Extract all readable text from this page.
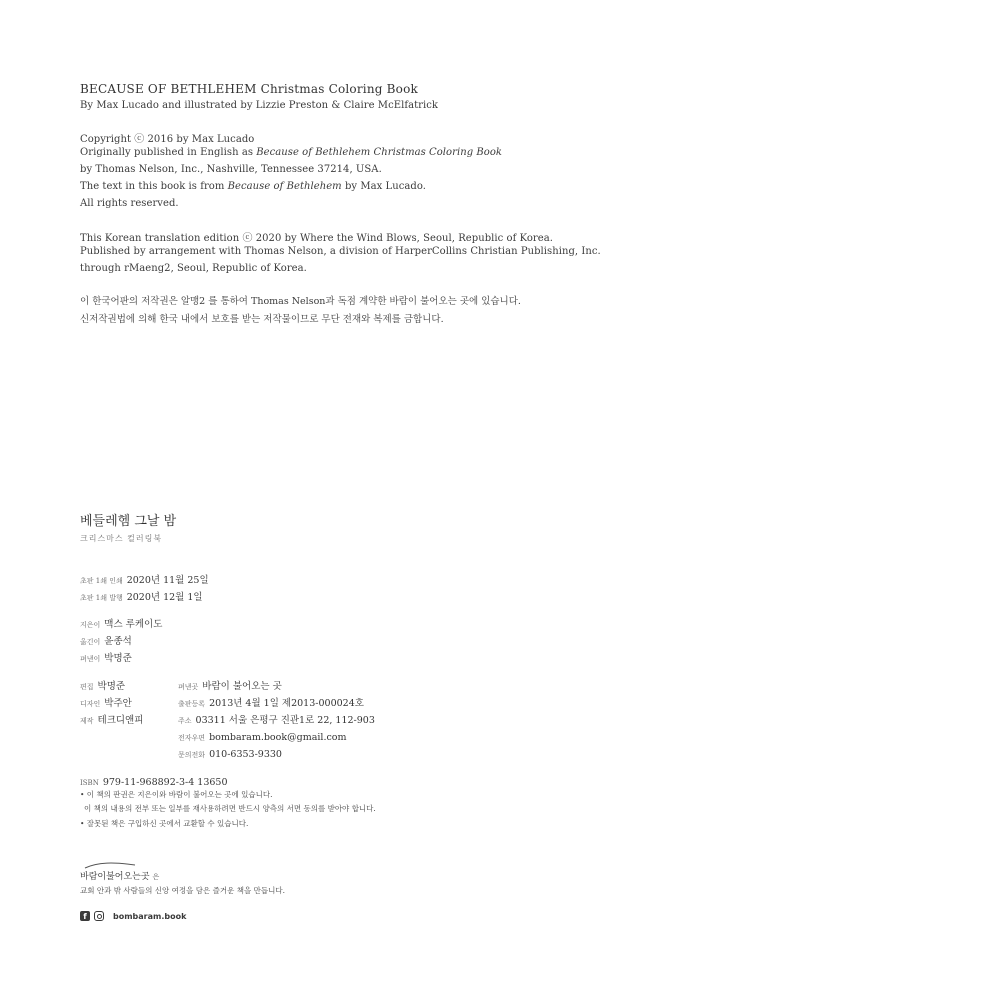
BECAUSE OF BETHLEHEM Christmas Coloring Book
By Max Lucado and illustrated by Lizzie Preston & Claire McElfatrick
Copyright ⓒ 2016 by Max Lucado
Originally published in English as Because of Bethlehem Christmas Coloring Book
by Thomas Nelson, Inc., Nashville, Tennessee 37214, USA.
The text in this book is from Because of Bethlehem by Max Lucado.
All rights reserved.
This Korean translation edition ⓒ 2020 by Where the Wind Blows, Seoul, Republic of Korea.
Published by arrangement with Thomas Nelson, a division of HarperCollins Christian Publishing, Inc.
through rMaeng2, Seoul, Republic of Korea.
이 한국어판의 저작권은 알맹2 를 통하여 Thomas Nelson과 독점 계약한 바람이 불어오는 곳에 있습니다.
신저작권법에 의해 한국 내에서 보호를 받는 저작물이므로 무단 전재와 복제를 금합니다.
베들레헴 그날 밤
크리스마스 컬러링북
초판 1쇄 인쇄 2020년 11월 25일
초판 1쇄 발행 2020년 12월 1일
지은이 맥스 루케이도
옮긴이 윤종석
펴낸이 박명준
편집 박명준
디자인 박주안
제작 테크디앤피
펴낸곳 바람이 불어오는 곳
출판등록 2013년 4월 1일 제2013-000024호
주소 03311 서울 은평구 진관1로 22, 112-903
전자우편 bombaram.book@gmail.com
문의전화 010-6353-9330
ISBN 979-11-968892-3-4 13650
• 이 책의 판권은 지은이와 바람이 불어오는 곳에 있습니다.
이 책의 내용의 전부 또는 일부를 재사용하려면 반드시 양측의 서면 동의를 받아야 합니다.
• 잘못된 책은 구입하신 곳에서 교환할 수 있습니다.
바람이불어오는곳 은
교회 안과 밖 사람들의 신앙 여정을 담은 즐거운 책을 만듭니다.
f	bombaram.book
